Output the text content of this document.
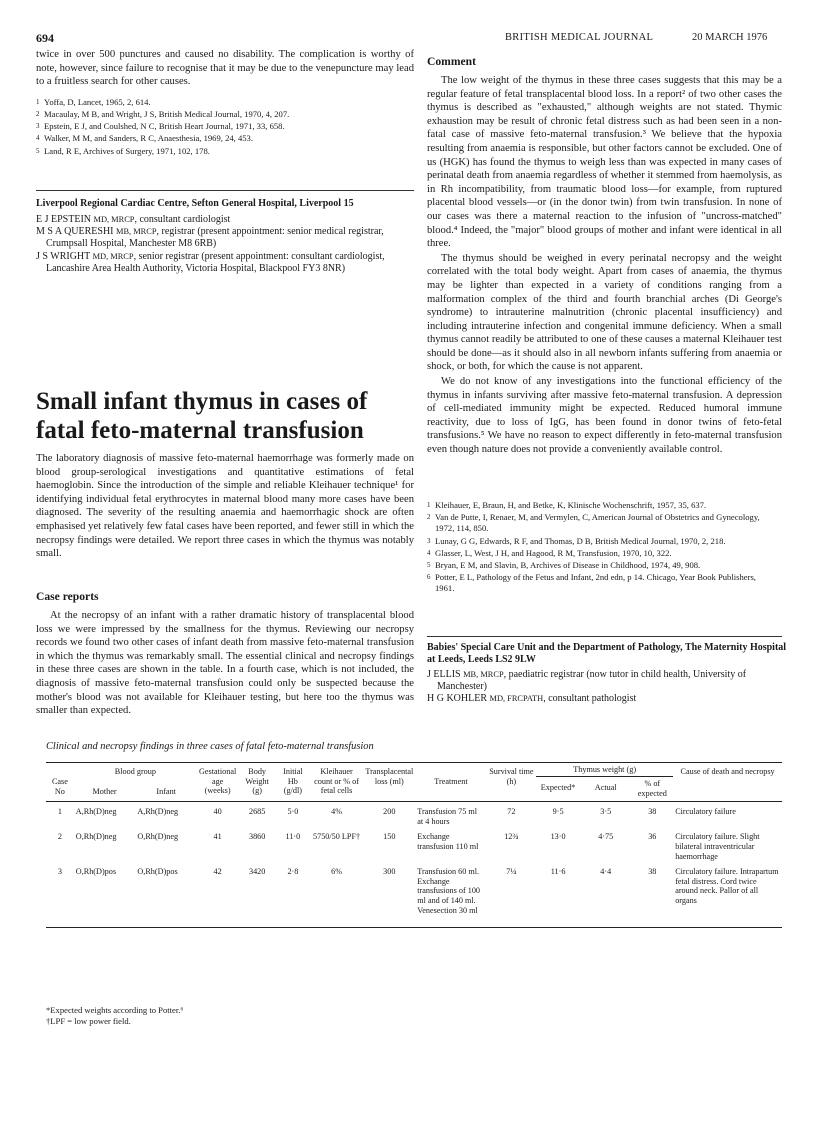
694	BRITISH MEDICAL JOURNAL	20 MARCH 1976

twice in over 500 punctures and caused no disability. The complication is worthy of note, however, since failure to recognise that it may be due to the venepuncture may lead to a fruitless search for other causes.

1 Yoffa, D, Lancet, 1965, 2, 614.
2 Macaulay, M B, and Wright, J S, British Medical Journal, 1970, 4, 207.
3 Epstein, E J, and Coulshed, N C, British Heart Journal, 1971, 33, 658.
4 Walker, M M, and Sanders, R C, Anaesthesia, 1969, 24, 453.
5 Land, R E, Archives of Surgery, 1971, 102, 178.
Liverpool Regional Cardiac Centre, Sefton General Hospital, Liverpool 15

E J EPSTEIN MD, MRCP, consultant cardiologist

M S A QUERESHI MB, MRCP, registrar (present appointment: senior medical registrar, Crumpsall Hospital, Manchester M8 6RB)

J S WRIGHT MD, MRCP, senior registrar (present appointment: consultant cardiologist, Lancashire Area Health Authority, Victoria Hospital, Blackpool FY3 8NR)

Small infant thymus in cases of fatal feto-maternal transfusion

The laboratory diagnosis of massive feto-maternal haemorrhage was formerly made on blood group-serological investigations and quantitative estimations of fetal haemoglobin. Since the introduction of the simple and reliable Kleihauer technique¹ for identifying individual fetal erythrocytes in maternal blood many more cases have been diagnosed. The severity of the resulting anaemia and haemorrhagic shock are often emphasised yet relatively few fatal cases have been reported, and fewer still in which the necropsy findings were detailed. We report three cases in which the thymus was notably small.

Case reports

At the necropsy of an infant with a rather dramatic history of transplacental blood loss we were impressed by the smallness for the thymus. Reviewing our necropsy records we found two other cases of infant death from massive feto-maternal transfusion in which the thymus was remarkably small. The essential clinical and necropsy findings in these three cases are shown in the table. In a fourth case, which is not included, the diagnosis of massive feto-maternal transfusion could only be suspected because the mother's blood was not available for Kleihauer testing, but here too the thymus was smaller than expected.

Comment

The low weight of the thymus in these three cases suggests that this may be a regular feature of fetal transplacental blood loss. In a report² of two other cases the thymus is described as "exhausted," although weights are not stated. Thymic exhaustion may be result of chronic fetal distress such as had been seen in a non-fatal case of massive feto-maternal transfusion.³ We believe that the hypoxia resulting from anaemia is responsible, but other factors cannot be excluded. One of us (HGK) has found the thymus to weigh less than was expected in many cases of perinatal death from anaemia regardless of whether it stemmed from haemolysis, as in Rh incompatibility, from traumatic blood loss—for example, from ruptured placental blood vessels—or (in the donor twin) from twin transfusion. In none of our cases was there a maternal reaction to the infusion of "uncross-matched" blood.⁴ Indeed, the "major" blood groups of mother and infant were identical in all three.

The thymus should be weighed in every perinatal necropsy and the weight correlated with the total body weight. Apart from cases of anaemia, the thymus may be lighter than expected in a variety of conditions ranging from a malformation complex of the third and fourth branchial arches (Di George's syndrome) to intrauterine malnutrition (chronic placental insufficiency) and including intrauterine infection and congenital immune deficiency. When a small thymus cannot readily be attributed to one of these causes a maternal Kleihauer test should be done—as it should also in all newborn infants suffering from anaemia or shock, or both, for which the cause is not apparent.

We do not know of any investigations into the functional efficiency of the thymus in infants surviving after massive feto-maternal transfusion. A depression of cell-mediated immunity might be expected. Reduced humoral immune reactivity, due to loss of IgG, has been found in donor twins of feto-fetal transfusions.⁵ We have no reason to expect differently in feto-maternal transfusion even though nature does not provide a conveniently available control.

1 Kleihauer, E, Braun, H, and Betke, K, Klinische Wochenschrift, 1957, 35, 637.
2 Van de Putte, I, Renaer, M, and Vermylen, C, American Journal of Obstetrics and Gynecology, 1972, 114, 850.
3 Lunay, G G, Edwards, R F, and Thomas, D B, British Medical Journal, 1970, 2, 218.
4 Glasser, L, West, J H, and Hagood, R M, Transfusion, 1970, 10, 322.
5 Bryan, E M, and Slavin, B, Archives of Disease in Childhood, 1974, 49, 908.
6 Potter, E L, Pathology of the Fetus and Infant, 2nd edn, p 14. Chicago, Year Book Publishers, 1961.
Babies' Special Care Unit and the Department of Pathology, The Maternity Hospital at Leeds, Leeds LS2 9LW

J ELLIS MB, MRCP, paediatric registrar (now tutor in child health, University of Manchester)

H G KOHLER MD, FRCPATH, consultant pathologist

Clinical and necropsy findings in three cases of fatal feto-maternal transfusion
Case No	Blood group		Gestational age (weeks)	Body Weight (g)	Initial Hb (g/dl)	Kleihauer count or % of fetal cells	Transplacental loss (ml)	Treatment	Survival time (h)	Thymus weight (g)			Cause of death and necropsy
	Mother	Infant								Expected*	Actual	% of expected	
1	A,Rh(D)neg	A,Rh(D)neg	40	2685	5·0	4%	200	Transfusion 75 ml at 4 hours	72	9·5	3·5	38	Circulatory failure
2	O,Rh(D)neg	O,Rh(D)neg	41	3860	11·0	5750/50 LPF†	150	Exchange transfusion 110 ml	12¾	13·0	4·75	36	Circulatory failure. Slight bilateral intraventricular haemorrhage
3	O,Rh(D)pos	O,Rh(D)pos	42	3420	2·8	6%	300	Transfusion 60 ml. Exchange transfusions of 100 ml and of 140 ml. Venesection 30 ml	7¼	11·6	4·4	38	Circulatory failure. Intrapartum fetal distress. Cord twice around neck. Pallor of all organs
*Expected weights according to Potter.⁶
†LPF = low power field.
